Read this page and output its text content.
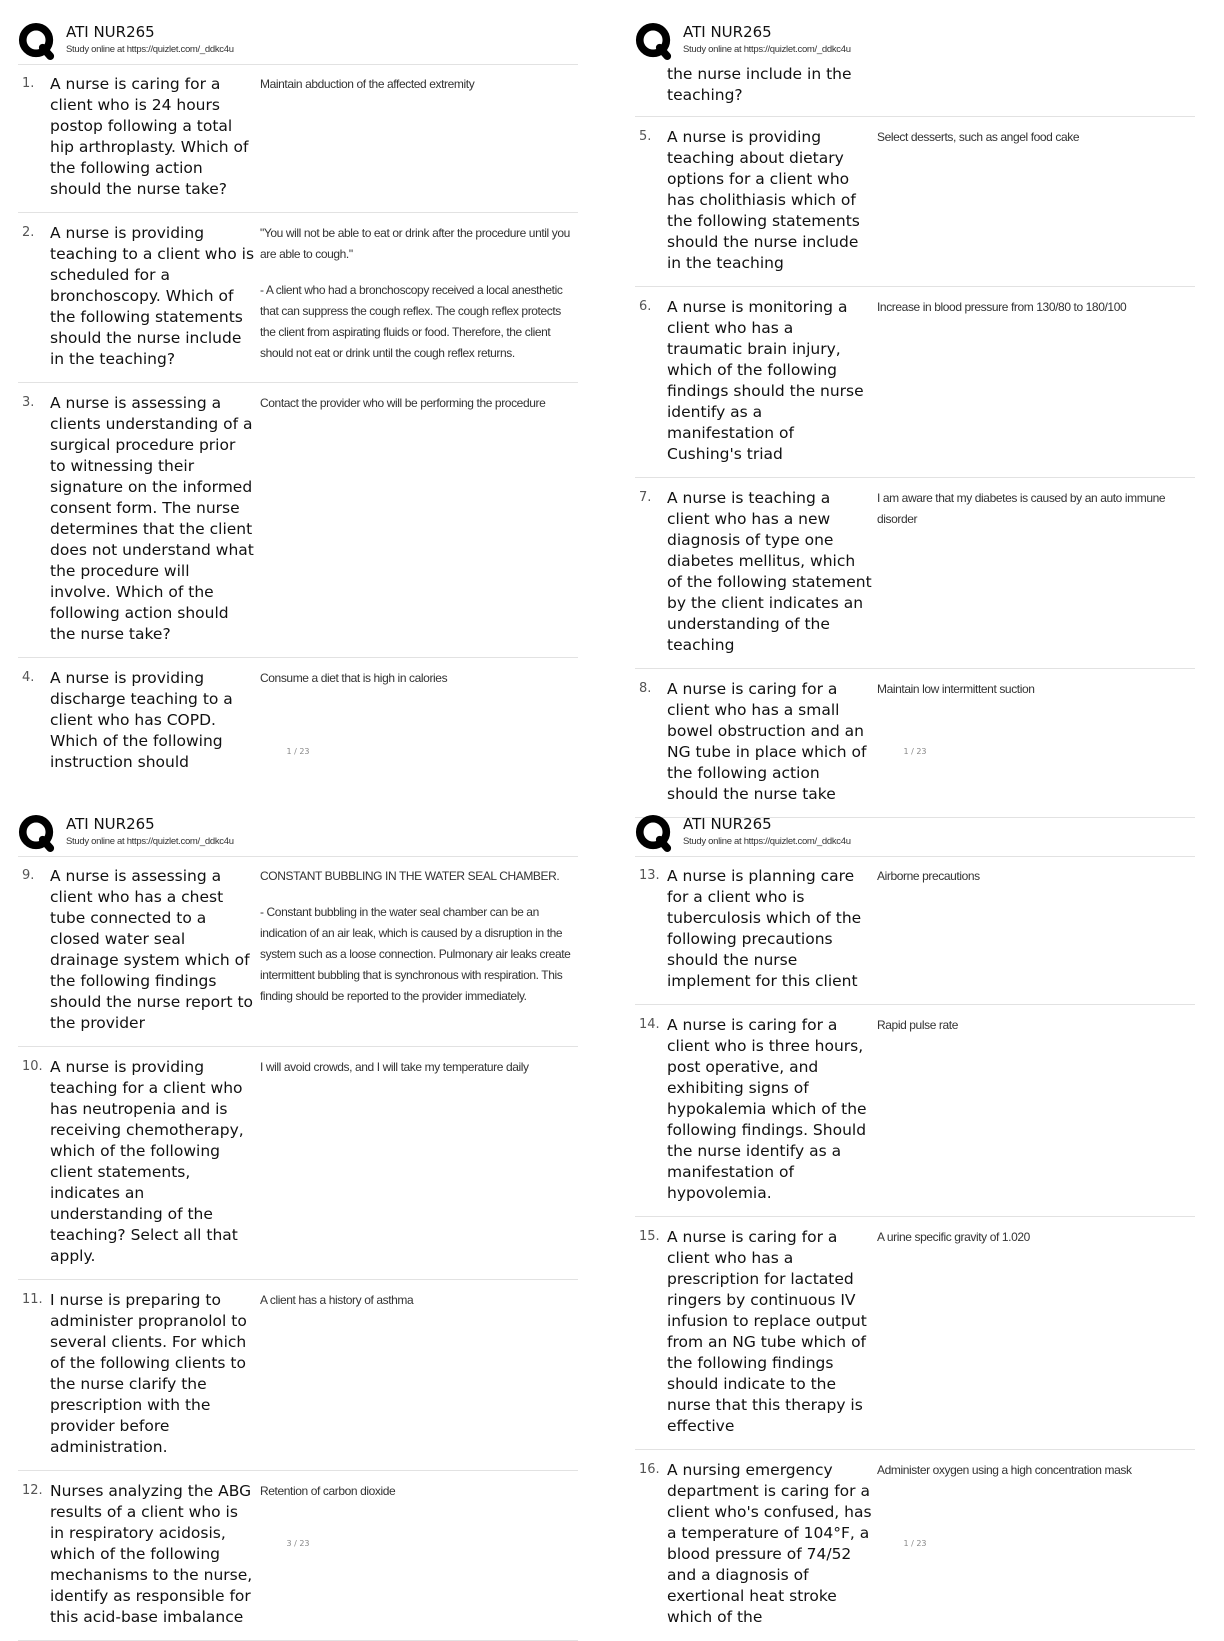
ATI NUR265
Study online at https://quizlet.com/_ddkc4u
1.	A nurse is caring for a client who is 24 hours postop following a total hip arthroplasty. Which of the following action should the nurse take?

Maintain abduction of the affected extremity

2.	A nurse is providing teaching to a client who is scheduled for a bronchoscopy. Which of the following statements should the nurse include in the teaching?

"You will not be able to eat or drink after the procedure until you are able to cough."

- A client who had a bronchoscopy received a local anesthetic that can suppress the cough reflex. The cough reflex protects the client from aspirating fluids or food. Therefore, the client should not eat or drink until the cough reflex returns.

3.	A nurse is assessing a clients understanding of a surgical procedure prior to witnessing their signature on the informed consent form. The nurse determines that the client does not understand what the procedure will involve. Which of the following action should the nurse take?

Contact the provider who will be performing the procedure

4.	A nurse is providing discharge teaching to a client who has COPD. Which of the following instruction should

Consume a diet that is high in calories

1 / 23
ATI NUR265
Study online at https://quizlet.com/_ddkc4u
the nurse include in the teaching?
5.	A nurse is providing teaching about dietary options for a client who has cholithiasis which of the following statements should the nurse include in the teaching

Select desserts, such as angel food cake

6.	A nurse is monitoring a client who has a traumatic brain injury, which of the following findings should the nurse identify as a manifestation of Cushing's triad

Increase in blood pressure from 130/80 to 180/100

7.	A nurse is teaching a client who has a new diagnosis of type one diabetes mellitus, which of the following statement by the client indicates an understanding of the teaching

I am aware that my diabetes is caused by an auto immune disorder

8.	A nurse is caring for a client who has a small bowel obstruction and an NG tube in place which of the following action should the nurse take

Maintain low intermittent suction

1 / 23
ATI NUR265
Study online at https://quizlet.com/_ddkc4u
9.	A nurse is assessing a client who has a chest tube connected to a closed water seal drainage system which of the following findings should the nurse report to the provider

CONSTANT BUBBLING IN THE WATER SEAL CHAMBER.

- Constant bubbling in the water seal chamber can be an indication of an air leak, which is caused by a disruption in the system such as a loose connection. Pulmonary air leaks create intermittent bubbling that is synchronous with respiration. This finding should be reported to the provider immediately.

10. A nurse is providing teaching for a client who has neutropenia and is receiving chemotherapy, which of the following client statements, indicates an understanding of the teaching? Select all that apply.

I will avoid crowds, and I will take my temperature daily

11. I nurse is preparing to administer propranolol to several clients. For which of the following clients to the nurse clarify the prescription with the provider before administration.

A client has a history of asthma

12. Nurses analyzing the ABG results of a client who is in respiratory acidosis, which of the following mechanisms to the nurse, identify as responsible for this acid-base imbalance

Retention of carbon dioxide

3 / 23
ATI NUR265
Study online at https://quizlet.com/_ddkc4u
13. A nurse is planning care for a client who is tuberculosis which of the following precautions should the nurse implement for this client

Airborne precautions

14. A nurse is caring for a client who is three hours, post operative, and exhibiting signs of hypokalemia which of the following findings. Should the nurse identify as a manifestation of hypovolemia.

Rapid pulse rate

15. A nurse is caring for a client who has a prescription for lactated ringers by continuous IV infusion to replace output from an NG tube which of the following findings should indicate to the nurse that this therapy is effective

A urine specific gravity of 1.020

16. A nursing emergency department is caring for a client who's confused, has a temperature of 104°F, a blood pressure of 74/52 and a diagnosis of exertional heat stroke which of the

Administer oxygen using a high concentration mask

1 / 23
